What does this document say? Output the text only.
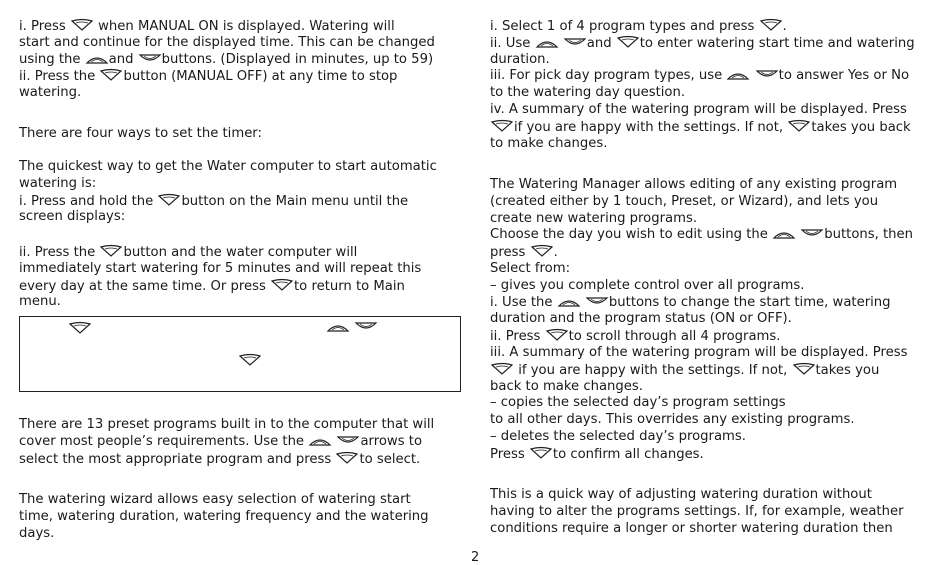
i. Press  when MANUAL ON is displayed. Watering will
start and continue for the displayed time. This can be changed
using the and buttons. (Displayed in minutes, up to 59)
ii. Press the button (MANUAL OFF) at any time to stop
watering.
There are four ways to set the timer:
The quickest way to get the Water computer to start automatic
watering is:
i. Press and hold the button on the Main menu until the
screen displays:
ii. Press the button and the water computer will
immediately start watering for 5 minutes and will repeat this
every day at the same time. Or press to return to Main
menu.
There are 13 preset programs built in to the computer that will
cover most people’s requirements. Use the	arrows to
select the most appropriate program and press to select.
The watering wizard allows easy selection of watering start
time, watering duration, watering frequency and the watering
days.
i. Select 1 of 4 program types and press .
ii. Use	and to enter watering start time and watering
duration.
iii. For pick day program types, use	to answer Yes or No
to the watering day question.
iv. A summary of the watering program will be displayed. Press
if you are happy with the settings. If not, takes you back
to make changes.
The Watering Manager allows editing of any existing program
(created either by 1 touch, Preset, or Wizard), and lets you
create new watering programs.
Choose the day you wish to edit using the	buttons, then
press .
Select from:
– gives you complete control over all programs.
i. Use the	buttons to change the start time, watering
duration and the program status (ON or OFF).
ii. Press to scroll through all 4 programs.
iii. A summary of the watering program will be displayed. Press
if you are happy with the settings. If not, takes you
back to make changes.
– copies the selected day’s program settings
to all other days. This overrides any existing programs.
– deletes the selected day’s programs.
Press to confirm all changes.
This is a quick way of adjusting watering duration without
having to alter the programs settings. If, for example, weather
conditions require a longer or shorter watering duration then
2
